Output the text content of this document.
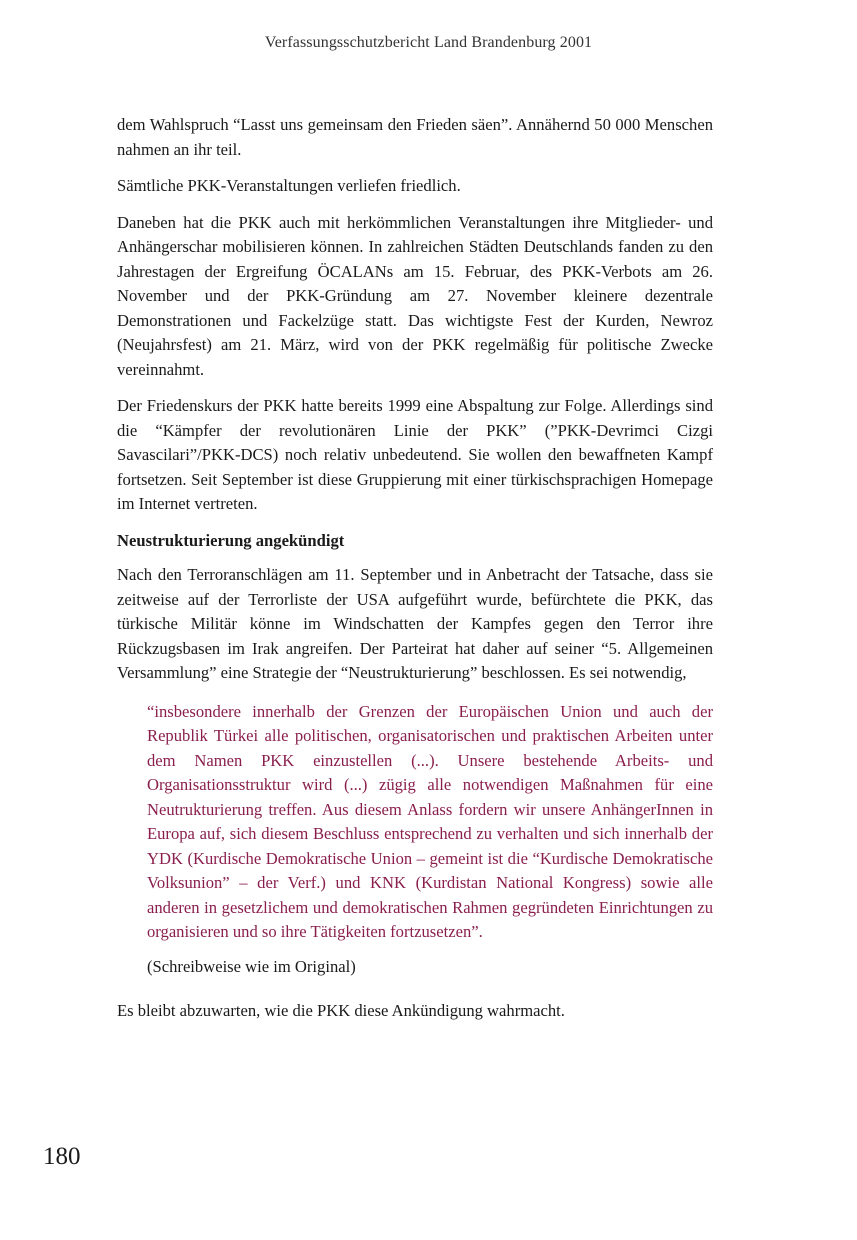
Verfassungsschutzbericht Land Brandenburg 2001

dem Wahlspruch “Lasst uns gemeinsam den Frieden säen”. Annähernd 50 000 Menschen nahmen an ihr teil.

Sämtliche PKK-Veranstaltungen verliefen friedlich.

Daneben hat die PKK auch mit herkömmlichen Veranstaltungen ihre Mitglieder- und Anhängerschar mobilisieren können. In zahlreichen Städten Deutschlands fanden zu den Jahrestagen der Ergreifung ÖCALANs am 15. Februar, des PKK-Verbots am 26. November und der PKK-Gründung am 27. November kleinere dezentrale Demonstrationen und Fackelzüge statt. Das wichtigste Fest der Kurden, Newroz (Neujahrsfest) am 21. März, wird von der PKK regelmäßig für politische Zwecke vereinnahmt.

Der Friedenskurs der PKK hatte bereits 1999 eine Abspaltung zur Folge. Allerdings sind die “Kämpfer der revolutionären Linie der PKK” (”PKK-Devrimci Cizgi Savascilari”/PKK-DCS) noch relativ unbedeutend. Sie wollen den bewaffneten Kampf fortsetzen. Seit September ist diese Gruppierung mit einer türkischsprachigen Homepage im Internet vertreten.

Neustrukturierung angekündigt

Nach den Terroranschlägen am 11. September und in Anbetracht der Tatsache, dass sie zeitweise auf der Terrorliste der USA aufgeführt wurde, befürchtete die PKK, das türkische Militär könne im Windschatten der Kampfes gegen den Terror ihre Rückzugsbasen im Irak angreifen. Der Parteirat hat daher auf seiner “5. Allgemeinen Versammlung” eine Strategie der “Neustrukturierung” beschlossen. Es sei notwendig,

“insbesondere innerhalb der Grenzen der Europäischen Union und auch der Republik Türkei alle politischen, organisatorischen und praktischen Arbeiten unter dem Namen PKK einzustellen (...). Unsere bestehende Arbeits- und Organisationsstruktur wird (...) zügig alle notwendigen Maßnahmen für eine Neutrukturierung treffen. Aus diesem Anlass fordern wir unsere AnhängerInnen in Europa auf, sich diesem Beschluss entsprechend zu verhalten und sich innerhalb der YDK (Kurdische Demokratische Union – gemeint ist die “Kurdische Demokratische Volksunion” – der Verf.) und KNK (Kurdistan National Kongress) sowie alle anderen in gesetzlichem und demokratischen Rahmen gegründeten Einrichtungen zu organisieren und so ihre Tätigkeiten fortzusetzen”.

(Schreibweise wie im Original)

Es bleibt abzuwarten, wie die PKK diese Ankündigung wahrmacht.

180
